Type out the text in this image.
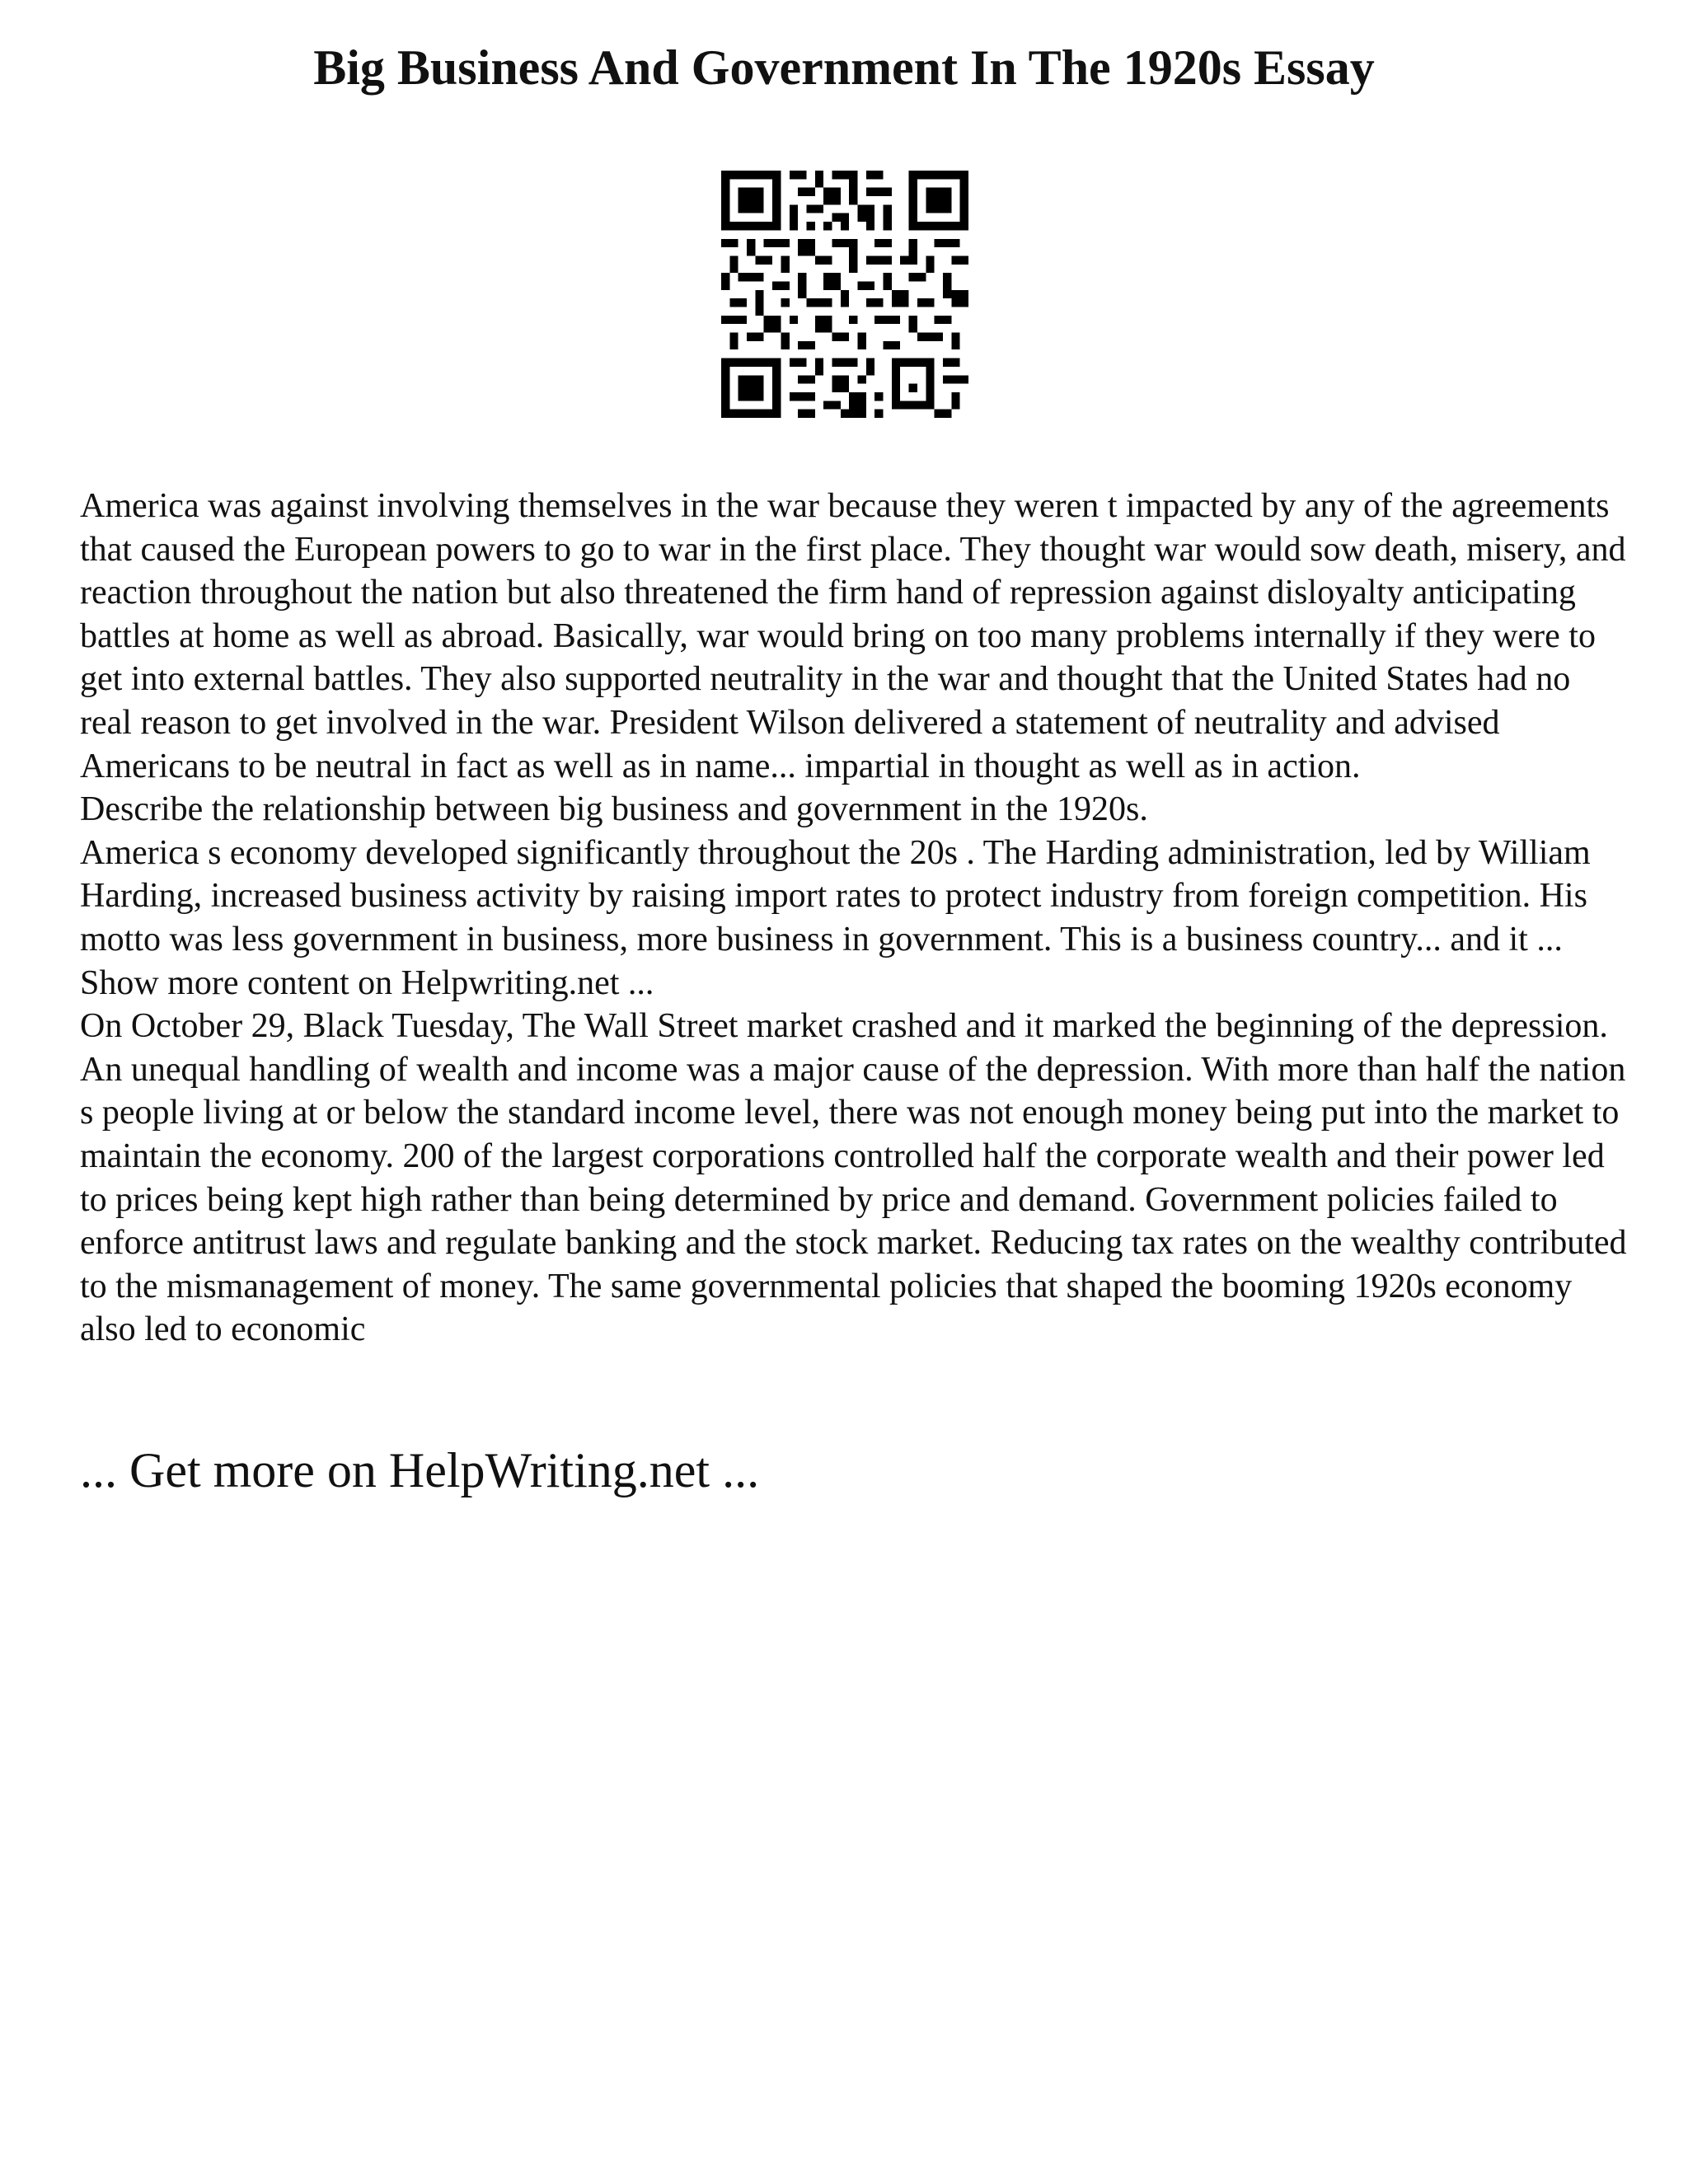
Big Business And Government In The 1920s Essay

America was against involving themselves in the war because they weren t impacted by any of the agreements that caused the European powers to go to war in the first place. They thought war would sow death, misery, and reaction throughout the nation but also threatened the firm hand of repression against disloyalty anticipating battles at home as well as abroad. Basically, war would bring on too many problems internally if they were to get into external battles. They also supported neutrality in the war and thought that the United States had no real reason to get involved in the war. President Wilson delivered a statement of neutrality and advised Americans to be neutral in fact as well as in name... impartial in thought as well as in action.

Describe the relationship between big business and government in the 1920s.

America s economy developed significantly throughout the 20s . The Harding administration, led by William Harding, increased business activity by raising import rates to protect industry from foreign competition. His motto was less government in business, more business in government. This is a business country... and it ... Show more content on Helpwriting.net ...

On October 29, Black Tuesday, The Wall Street market crashed and it marked the beginning of the depression. An unequal handling of wealth and income was a major cause of the depression. With more than half the nation s people living at or below the standard income level, there was not enough money being put into the market to maintain the economy. 200 of the largest corporations controlled half the corporate wealth and their power led to prices being kept high rather than being determined by price and demand. Government policies failed to enforce antitrust laws and regulate banking and the stock market. Reducing tax rates on the wealthy contributed to the mismanagement of money. The same governmental policies that shaped the booming 1920s economy also led to economic

... Get more on HelpWriting.net ...
